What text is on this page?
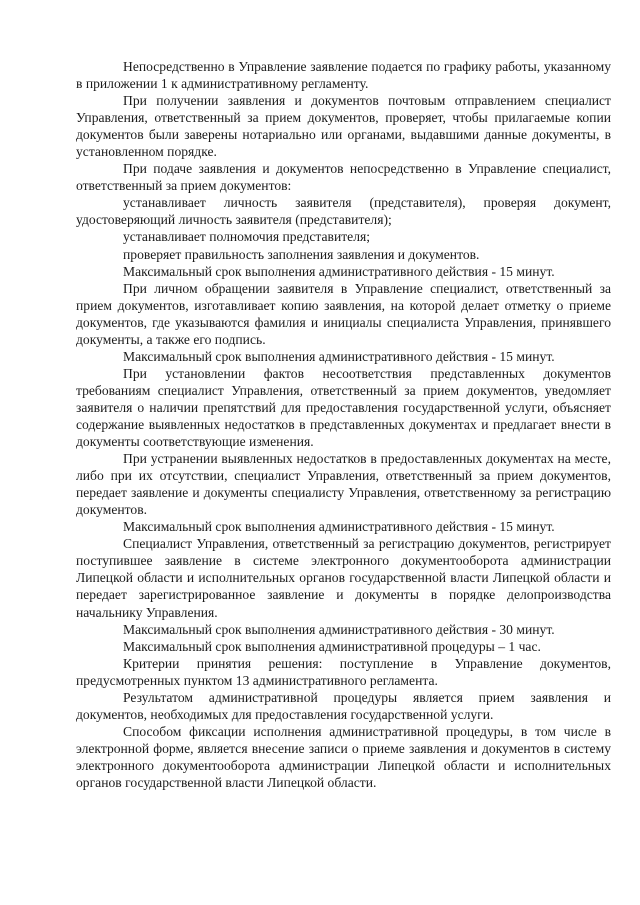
Непосредственно в Управление заявление подается по графику работы, указанному в приложении 1 к административному регламенту.

При получении заявления и документов почтовым отправлением специалист Управления, ответственный за прием документов, проверяет, чтобы прилагаемые копии документов были заверены нотариально или органами, выдавшими данные документы, в установленном порядке.

При подаче заявления и документов непосредственно в Управление специалист, ответственный за прием документов:

устанавливает личность заявителя (представителя), проверяя документ, удостоверяющий личность заявителя (представителя);

устанавливает полномочия представителя;

проверяет правильность заполнения заявления и документов.

Максимальный срок выполнения административного действия - 15 минут.

При личном обращении заявителя в Управление специалист, ответственный за прием документов, изготавливает копию заявления, на которой делает отметку о приеме документов, где указываются фамилия и инициалы специалиста Управления, принявшего документы, а также его подпись.

Максимальный срок выполнения административного действия - 15 минут.

При установлении фактов несоответствия представленных документов требованиям специалист Управления, ответственный за прием документов, уведомляет заявителя о наличии препятствий для предоставления государственной услуги, объясняет содержание выявленных недостатков в представленных документах и предлагает внести в документы соответствующие изменения.

При устранении выявленных недостатков в предоставленных документах на месте, либо при их отсутствии, специалист Управления, ответственный за прием документов, передает заявление и документы специалисту Управления, ответственному за регистрацию документов.

Максимальный срок выполнения административного действия - 15 минут.

Специалист Управления, ответственный за регистрацию документов, регистрирует поступившее заявление в системе электронного документооборота администрации Липецкой области и исполнительных органов государственной власти Липецкой области и передает зарегистрированное заявление и документы в порядке делопроизводства начальнику Управления.

Максимальный срок выполнения административного действия - 30 минут.

Максимальный срок выполнения административной процедуры – 1 час.

Критерии принятия решения: поступление в Управление документов, предусмотренных пунктом 13 административного регламента.

Результатом административной процедуры является прием заявления и документов, необходимых для предоставления государственной услуги.

Способом фиксации исполнения административной процедуры, в том числе в электронной форме, является внесение записи о приеме заявления и документов в систему электронного документооборота администрации Липецкой области и исполнительных органов государственной власти Липецкой области.
